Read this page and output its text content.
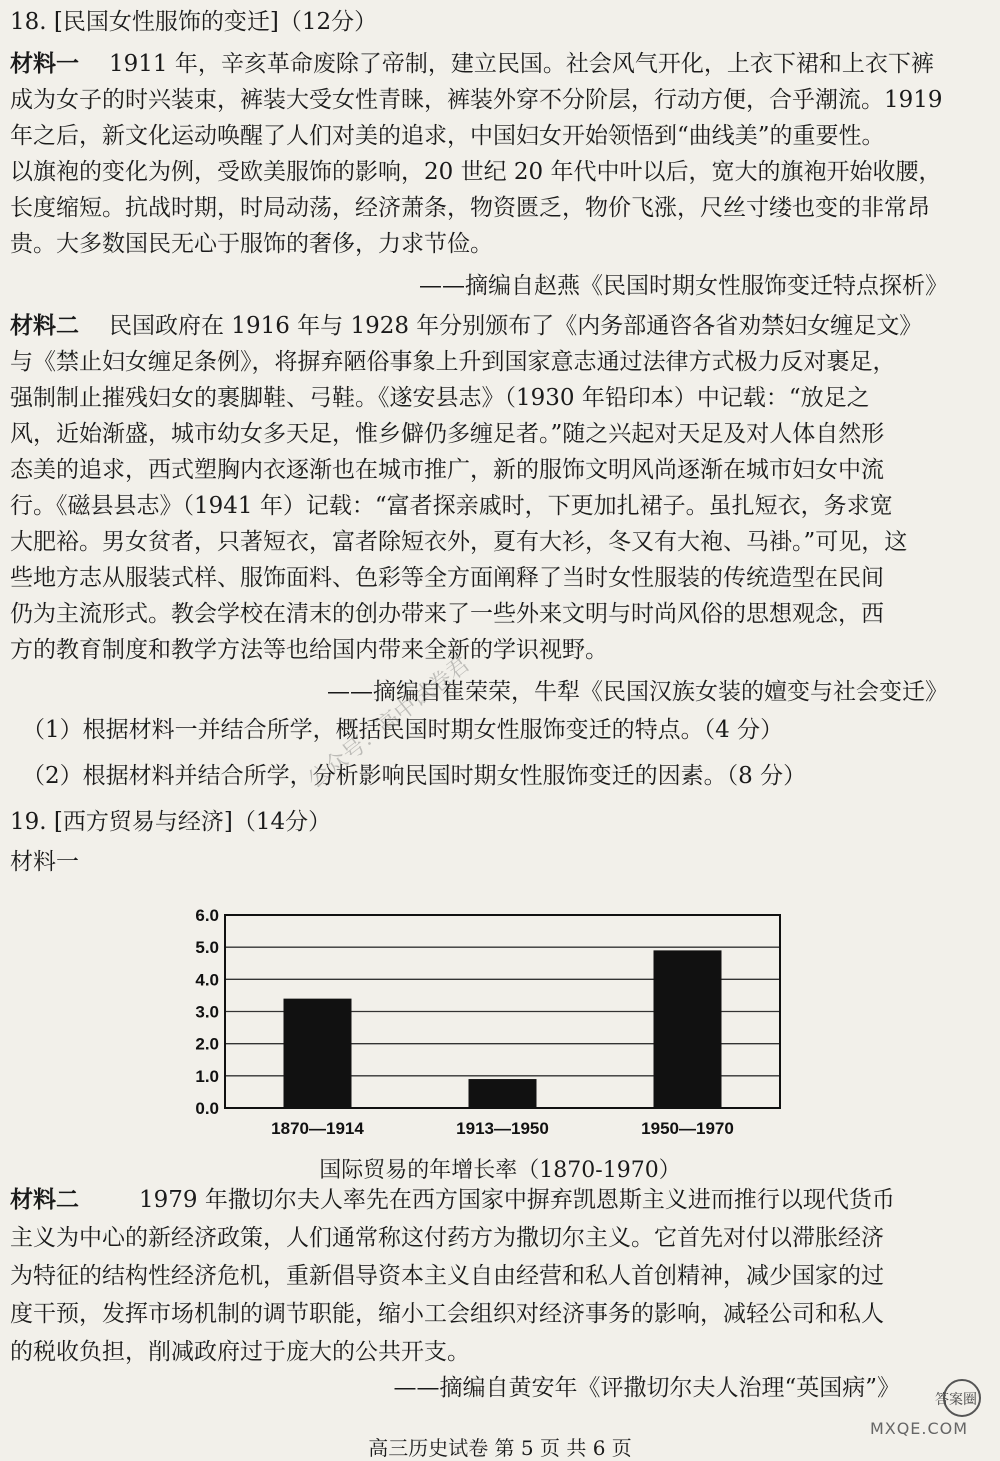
18. [民国女性服饰的变迁]（12分）
材料一 1911 年，辛亥革命废除了帝制，建立民国。社会风气开化，上衣下裙和上衣下裤
成为女子的时兴装束，裤装大受女性青睐，裤装外穿不分阶层，行动方便，合乎潮流。1919
年之后，新文化运动唤醒了人们对美的追求，中国妇女开始领悟到“曲线美”的重要性。
以旗袍的变化为例，受欧美服饰的影响，20 世纪 20 年代中叶以后，宽大的旗袍开始收腰，
长度缩短。抗战时期，时局动荡，经济萧条，物资匮乏，物价飞涨，尺丝寸缕也变的非常昂
贵。大多数国民无心于服饰的奢侈，力求节俭。
——摘编自赵燕《民国时期女性服饰变迁特点探析》
材料二 民国政府在 1916 年与 1928 年分别颁布了《内务部通咨各省劝禁妇女缠足文》
与《禁止妇女缠足条例》，将摒弃陋俗事象上升到国家意志通过法律方式极力反对裹足，
强制制止摧残妇女的裹脚鞋、弓鞋。《遂安县志》（1930 年铅印本）中记载：“放足之
风，近始渐盛，城市幼女多天足，惟乡僻仍多缠足者。”随之兴起对天足及对人体自然形
态美的追求，西式塑胸内衣逐渐也在城市推广，新的服饰文明风尚逐渐在城市妇女中流
行。《磁县县志》（1941 年）记载：“富者探亲戚时，下更加扎裙子。虽扎短衣，务求宽
大肥裕。男女贫者，只著短衣，富者除短衣外，夏有大衫，冬又有大袍、马褂。”可见，这
些地方志从服装式样、服饰面料、色彩等全方面阐释了当时女性服装的传统造型在民间
仍为主流形式。教会学校在清末的创办带来了一些外来文明与时尚风俗的思想观念，西
方的教育制度和教学方法等也给国内带来全新的学识视野。
——摘编自崔荣荣，牛犁《民国汉族女装的嬗变与社会变迁》
（1）根据材料一并结合所学，概括民国时期女性服饰变迁的特点。（4 分）
（2）根据材料并结合所学，分析影响民国时期女性服饰变迁的因素。（8 分）
19. [西方贸易与经济]（14分）
材料一
0.0
1.0
2.0
3.0
4.0
5.0
6.0
1870—1914	1913—1950	1950—1970
国际贸易的年增长率（1870-1970）
材料二	1979 年撒切尔夫人率先在西方国家中摒弃凯恩斯主义进而推行以现代货币
主义为中心的新经济政策，人们通常称这付药方为撒切尔主义。它首先对付以滞胀经济
为特征的结构性经济危机，重新倡导资本主义自由经营和私人首创精神，减少国家的过
度干预，发挥市场机制的调节职能，缩小工会组织对经济事务的影响，减轻公司和私人
的税收负担，削减政府过于庞大的公共开支。
——摘编自黄安年《评撒切尔夫人治理“英国病”》
高三历史试卷 第 5 页 共 6 页
公众号：高中试卷君
答案圈
MXQE.COM
